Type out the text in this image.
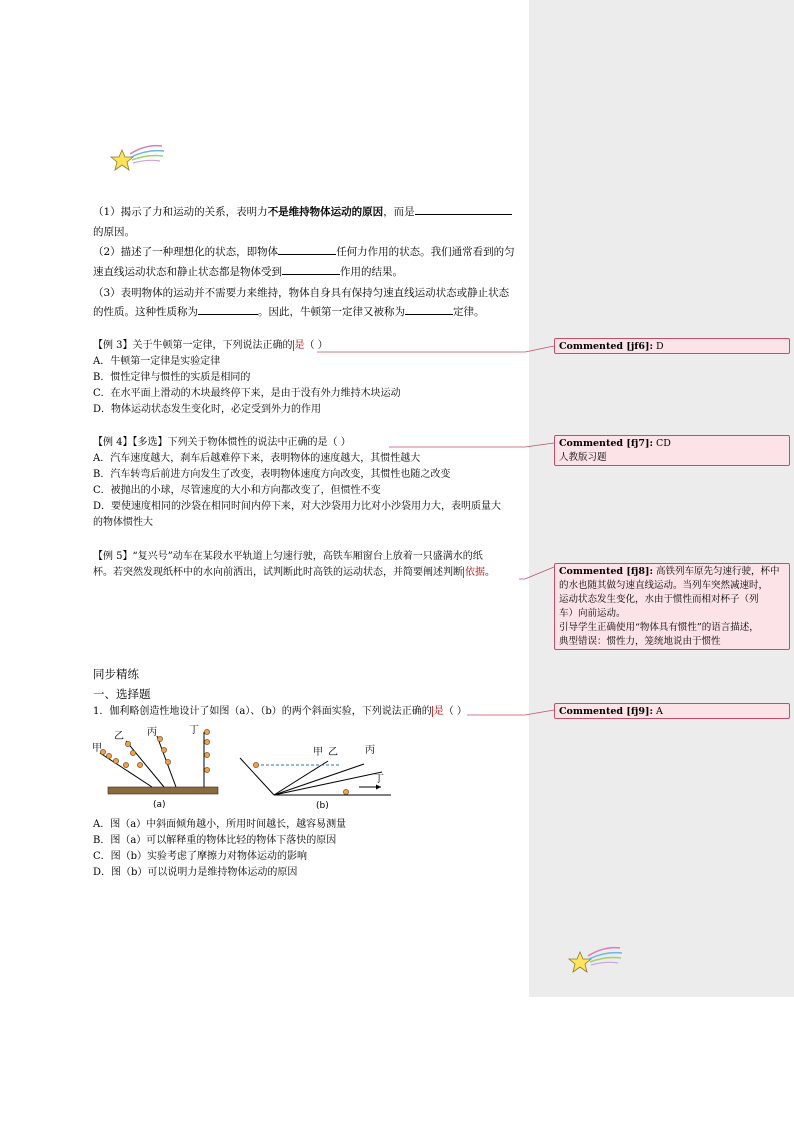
（1）揭示了力和运动的关系，表明力不是维持物体运动的原因，而是
的原因。
（2）描述了一种理想化的状态，即物体	任何力作用的状态。我们通常看到的匀
速直线运动状态和静止状态都是物体受到	作用的结果。
（3）表明物体的运动并不需要力来维持，物体自身具有保持匀速直线运动状态或静止状态
的性质。这种性质称为	。因此，牛顿第一定律又被称为	定律。
【例 3】关于牛顿第一定律，下列说法正确的 是（ ）
A．牛顿第一定律是实验定律
B．惯性定律与惯性的实质是相同的
C．在水平面上滑动的木块最终停下来，是由于没有外力维持木块运动
D．物体运动状态发生变化时，必定受到外力的作用
【例 4】【多选】下列关于物体惯性的说法中正确的是（ ）
A．汽车速度越大，刹车后越难停下来，表明物体的速度越大，其惯性越大
B．汽车转弯后前进方向发生了改变，表明物体速度方向改变，其惯性也随之改变
C．被抛出的小球，尽管速度的大小和方向都改变了，但惯性不变
D．要使速度相同的沙袋在相同时间内停下来，对大沙袋用力比对小沙袋用力大，表明质量大
的物体惯性大
【例 5】“复兴号”动车在某段水平轨道上匀速行驶，高铁车厢窗台上放着一只盛满水的纸
杯。若突然发现纸杯中的水向前洒出，试判断此时高铁的运动状态，并简要阐述判断 依据。
同步精练
一、选择题
1．伽利略创造性地设计了如图（a）、（b）的两个斜面实验，下列说法正确的 是（ ）
甲
乙 丙	丁
(a)
甲 乙	丙
丁
(b)
A．图（a）中斜面倾角越小，所用时间越长，越容易测量
B．图（a）可以解释重的物体比轻的物体下落快的原因
C．图（b）实验考虑了摩擦力对物体运动的影响
D．图（b）可以说明力是维持物体运动的原因
Commented [jf6]: D
Commented [fj7]: CD
人教版习题
Commented [fj8]: 高铁列车原先匀速行驶，杯中
的水也随其做匀速直线运动。当列车突然减速时，
运动状态发生变化，水由于惯性而相对杯子（列
车）向前运动。
引导学生正确使用“物体具有惯性”的语言描述，
典型错误：惯性力，笼统地说由于惯性
Commented [fj9]: A
